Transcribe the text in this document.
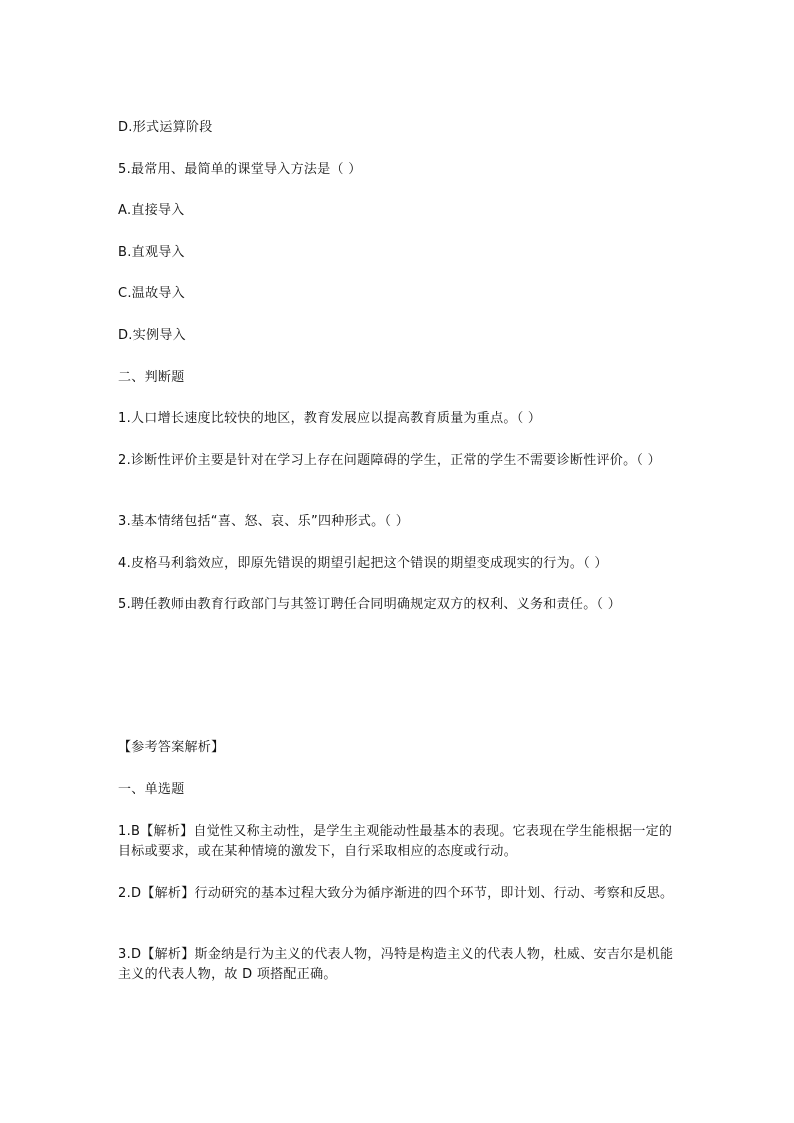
D.形式运算阶段

5.最常用、最简单的课堂导入方法是（ ）

A.直接导入

B.直观导入

C.温故导入

D.实例导入

二、判断题

1.人口增长速度比较快的地区，教育发展应以提高教育质量为重点。（ ）

2.诊断性评价主要是针对在学习上存在问题障碍的学生，正常的学生不需要诊断性评价。（ ）

3.基本情绪包括“喜、怒、哀、乐”四种形式。（ ）

4.皮格马利翁效应，即原先错误的期望引起把这个错误的期望变成现实的行为。（ ）

5.聘任教师由教育行政部门与其签订聘任合同明确规定双方的权利、义务和责任。（ ）

【参考答案解析】

一、单选题

1.B【解析】自觉性又称主动性，是学生主观能动性最基本的表现。它表现在学生能根据一定的目标或要求，或在某种情境的激发下，自行采取相应的态度或行动。

2.D【解析】行动研究的基本过程大致分为循序渐进的四个环节，即计划、行动、考察和反思。

3.D【解析】斯金纳是行为主义的代表人物，冯特是构造主义的代表人物，杜威、安吉尔是机能主义的代表人物，故 D 项搭配正确。
